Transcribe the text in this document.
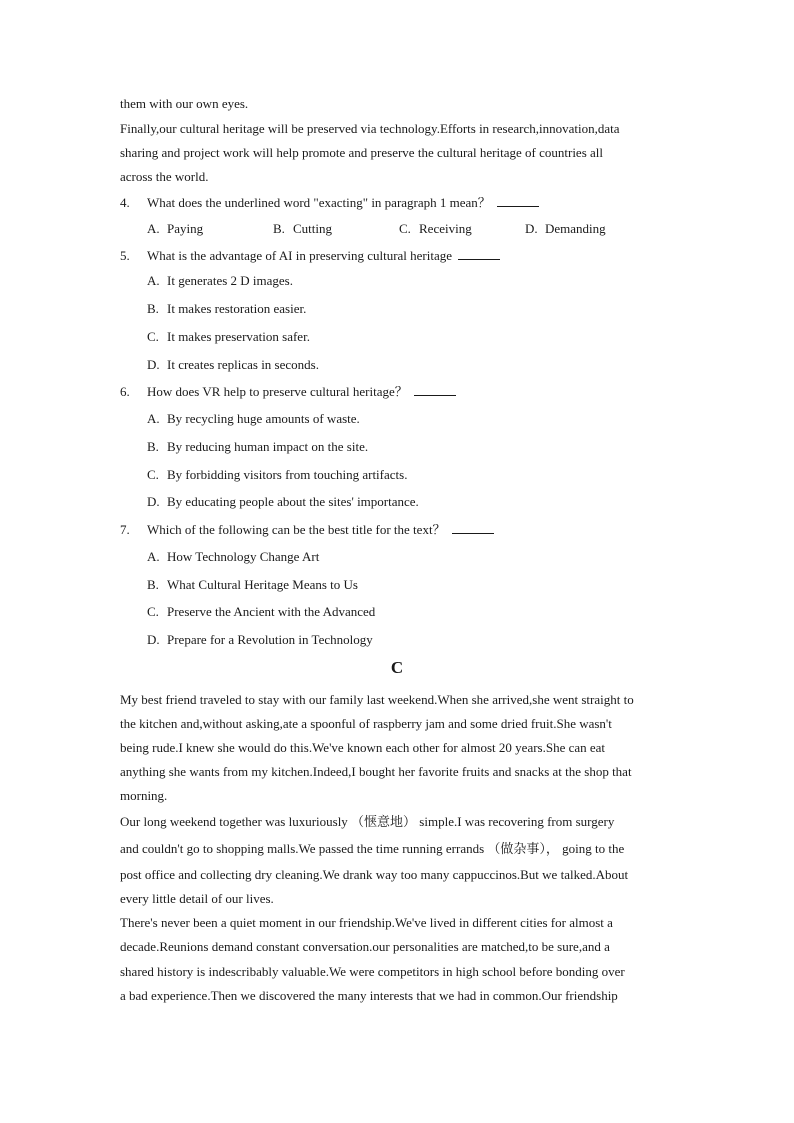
them with our own eyes.
Finally,our cultural heritage will be preserved via technology.Efforts in research,innovation,data
sharing and project work will help promote and preserve the cultural heritage of countries all
across the world.
4. What does the underlined word "exacting" in paragraph 1 mean？
A. Paying	B. Cutting	C. Receiving	D. Demanding
5. What is the advantage of AI in preserving cultural heritage
A. It generates 2 D images.
B. It makes restoration easier.
C. It makes preservation safer.
D. It creates replicas in seconds.
6. How does VR help to preserve cultural heritage？
A. By recycling huge amounts of waste.
B. By reducing human impact on the site.
C. By forbidding visitors from touching artifacts.
D. By educating people about the sites' importance.
7. Which of the following can be the best title for the text？
A. How Technology Change Art
B. What Cultural Heritage Means to Us
C. Preserve the Ancient with the Advanced
D. Prepare for a Revolution in Technology
C
My best friend traveled to stay with our family last weekend.When she arrived,she went straight to
the kitchen and,without asking,ate a spoonful of raspberry jam and some dried fruit.She wasn't
being rude.I knew she would do this.We've known each other for almost 20 years.She can eat
anything she wants from my kitchen.Indeed,I bought her favorite fruits and snacks at the shop that
morning.
Our long weekend together was luxuriously （惬意地） simple.I was recovering from surgery
and couldn't go to shopping malls.We passed the time running errands （做杂事）， going to the
post office and collecting dry cleaning.We drank way too many cappuccinos.But we talked.About
every little detail of our lives.
There's never been a quiet moment in our friendship.We've lived in different cities for almost a
decade.Reunions demand constant conversation.our personalities are matched,to be sure,and a
shared history is indescribably valuable.We were competitors in high school before bonding over
a bad experience.Then we discovered the many interests that we had in common.Our friendship
